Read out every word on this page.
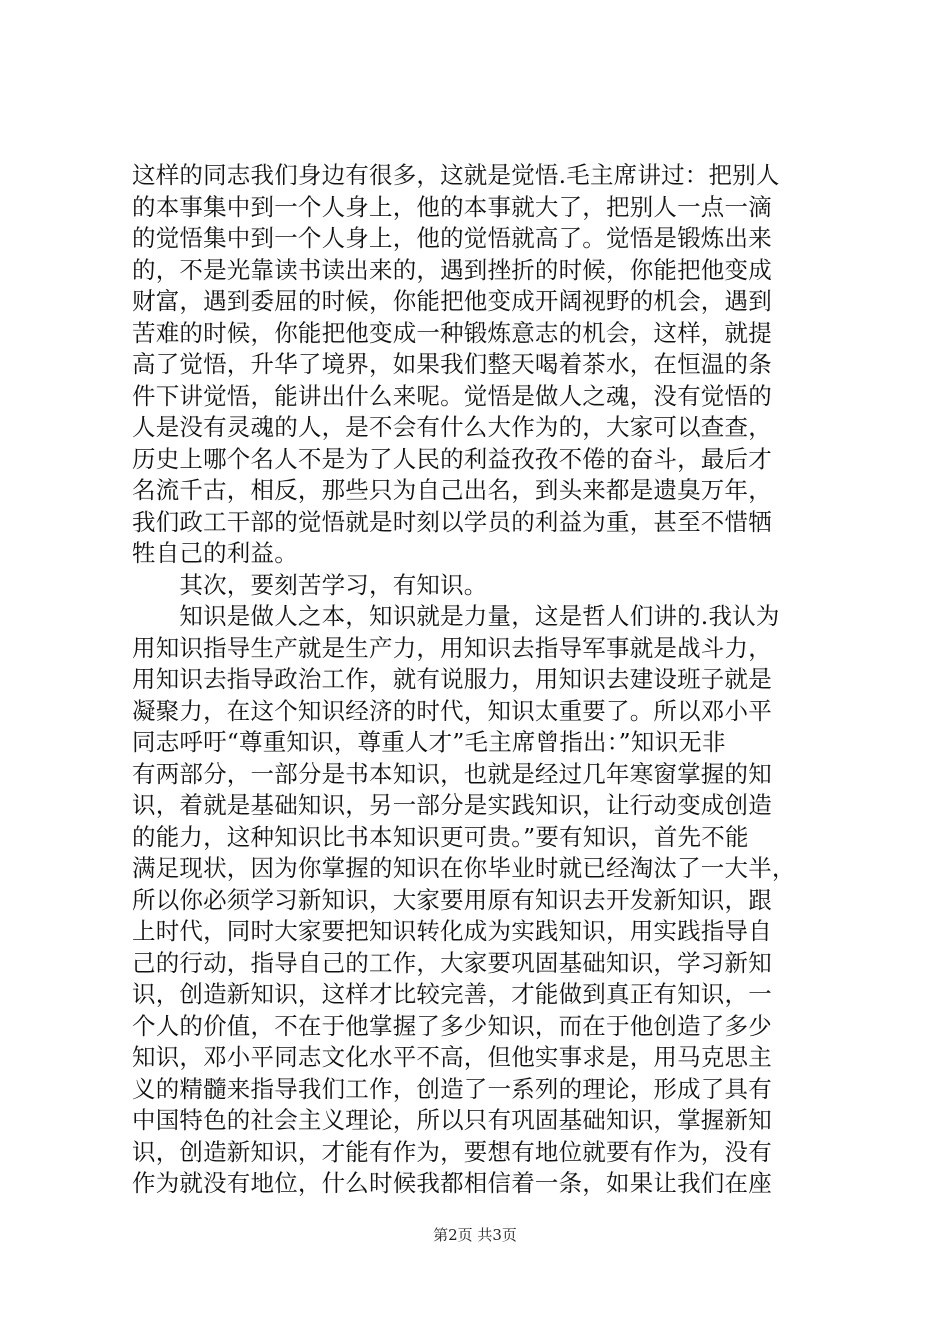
这样的同志我们身边有很多，这就是觉悟.毛主席讲过：把别人
的本事集中到一个人身上，他的本事就大了，把别人一点一滴
的觉悟集中到一个人身上，他的觉悟就高了。觉悟是锻炼出来
的，不是光靠读书读出来的，遇到挫折的时候，你能把他变成
财富，遇到委屈的时候，你能把他变成开阔视野的机会，遇到
苦难的时候，你能把他变成一种锻炼意志的机会，这样，就提
高了觉悟，升华了境界，如果我们整天喝着茶水，在恒温的条
件下讲觉悟，能讲出什么来呢。觉悟是做人之魂，没有觉悟的
人是没有灵魂的人，是不会有什么大作为的，大家可以查查，
历史上哪个名人不是为了人民的利益孜孜不倦的奋斗，最后才
名流千古，相反，那些只为自己出名，到头来都是遗臭万年，
我们政工干部的觉悟就是时刻以学员的利益为重，甚至不惜牺
牲自己的利益。
　　其次，要刻苦学习，有知识。
　　知识是做人之本，知识就是力量，这是哲人们讲的.我认为
用知识指导生产就是生产力，用知识去指导军事就是战斗力，
用知识去指导政治工作，就有说服力，用知识去建设班子就是
凝聚力，在这个知识经济的时代，知识太重要了。所以邓小平
同志呼吁“尊重知识，尊重人才”毛主席曾指出：”知识无非
有两部分，一部分是书本知识，也就是经过几年寒窗掌握的知
识，着就是基础知识，另一部分是实践知识，让行动变成创造
的能力，这种知识比书本知识更可贵。”要有知识，首先不能
满足现状，因为你掌握的知识在你毕业时就已经淘汰了一大半，
所以你必须学习新知识，大家要用原有知识去开发新知识，跟
上时代，同时大家要把知识转化成为实践知识，用实践指导自
己的行动，指导自己的工作，大家要巩固基础知识，学习新知
识，创造新知识，这样才比较完善，才能做到真正有知识，一
个人的价值，不在于他掌握了多少知识，而在于他创造了多少
知识，邓小平同志文化水平不高，但他实事求是，用马克思主
义的精髓来指导我们工作，创造了一系列的理论，形成了具有
中国特色的社会主义理论，所以只有巩固基础知识，掌握新知
识，创造新知识，才能有作为，要想有地位就要有作为，没有
作为就没有地位，什么时候我都相信着一条，如果让我们在座
第2页 共3页
